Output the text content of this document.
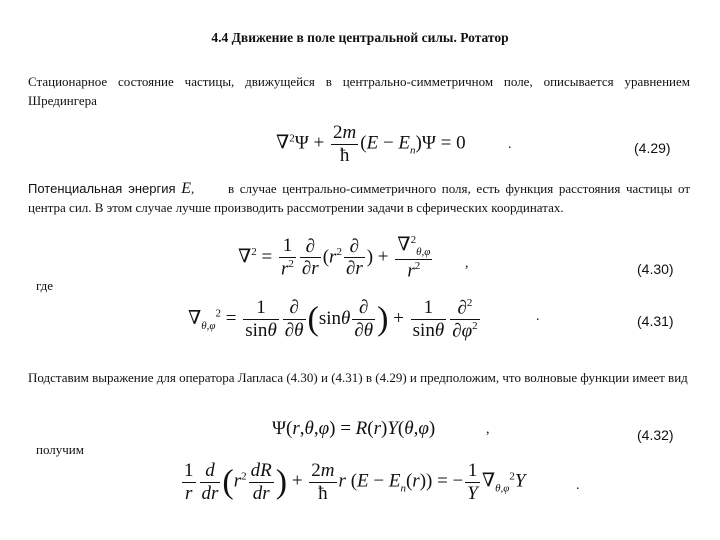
4.4 Движение в поле центральной силы. Ротатор
Стационарное состояние частицы, движущейся в центрально-симметричном поле, описывается уравнением Шредингера
$\nabla^2\Psi + \frac{2m}{ħ} (E - E_n)\Psi = 0$	.	(4.29)
Потенциальная энергия E,      в случае центрально-симметричного поля, есть функция расстояния частицы от центра сил. В этом случае лучше производить рассмотрении задачи в сферических координатах.
$\nabla^2 = \frac{1}{r^2} \frac{\partial}{\partial r} (r^2 \frac{\partial}{\partial r}$ ) + $\frac{\nabla^2_{\theta,\varphi}}{r^2}$ ,	(4.30)
где
$\nabla_{\theta,\varphi}^2 = \frac{1}{\sin\theta} \frac{\partial}{\partial\theta} (\sin\theta \frac{\partial}{\partial\theta}$ ) + $\frac{1}{\sin\theta} \frac{\partial^2}{\partial\varphi^2}$	.	(4.31)
Подставим выражение для оператора Лапласа (4.30) и (4.31) в (4.29) и предположим, что волновые функции имеет вид
Ψ(r,θ,φ) = R(r)Y(θ,φ)	,	(4.32)
получим
$\frac{1}{r} \frac{d}{dr} (r^2 \frac{dR}{dr}$ ) + $\frac{2m}{ħ}$ r $(E - E_n(r))$ = − $\frac{1}{Y} \nabla_{\theta,\varphi}^2Y$	.
